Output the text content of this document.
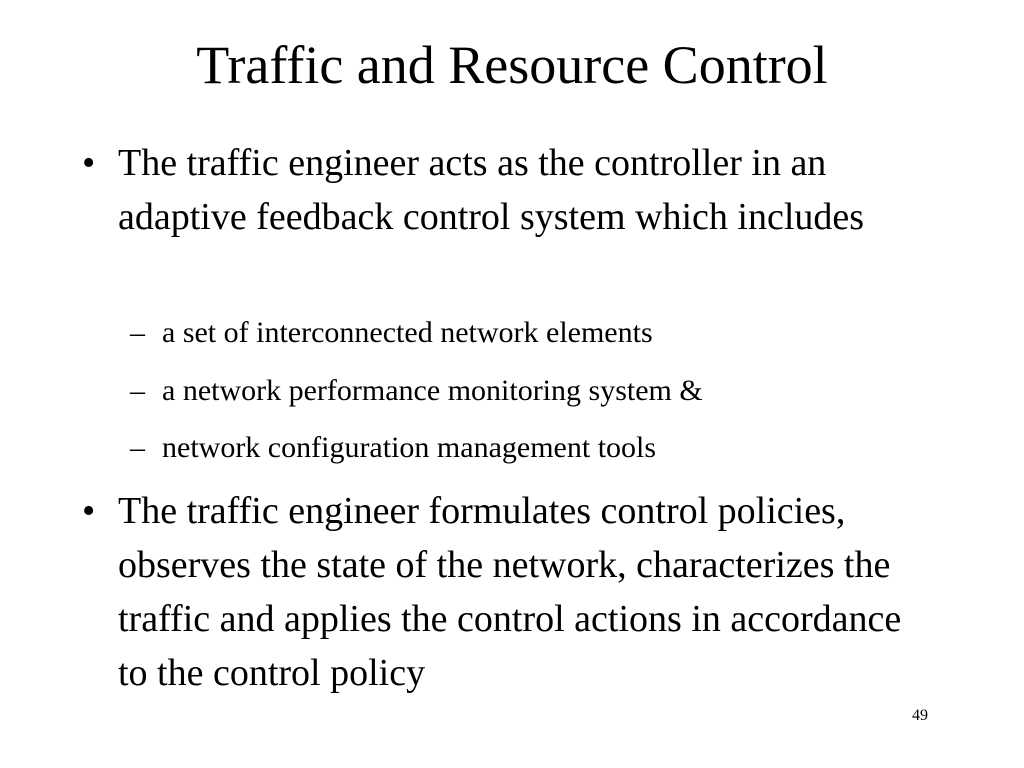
Traffic and Resource Control
• The traffic engineer acts as the controller in an adaptive feedback control system which includes
– a set of interconnected network elements
– a network performance monitoring system &
– network configuration management tools
• The traffic engineer formulates control policies, observes the state of the network, characterizes the traffic and applies the control actions in accordance to the control policy
49
